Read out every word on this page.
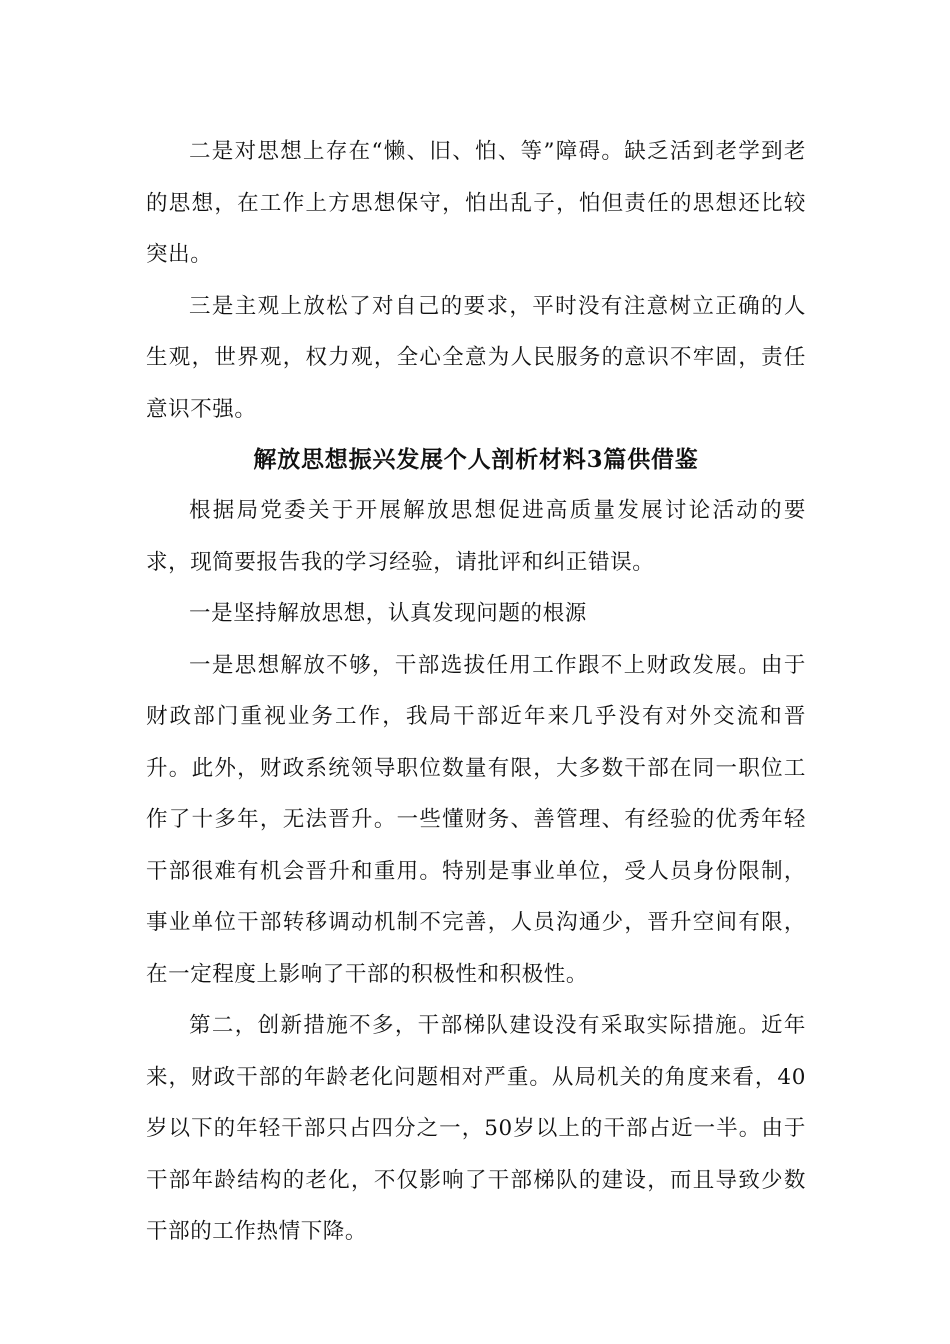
二是对思想上存在“懒、旧、怕、等”障碍。缺乏活到老学到老的思想，在工作上方思想保守，怕出乱子，怕但责任的思想还比较突出。

三是主观上放松了对自己的要求，平时没有注意树立正确的人生观，世界观，权力观，全心全意为人民服务的意识不牢固，责任意识不强。

解放思想振兴发展个人剖析材料3篇供借鉴

根据局党委关于开展解放思想促进高质量发展讨论活动的要求，现简要报告我的学习经验，请批评和纠正错误。

一是坚持解放思想，认真发现问题的根源

一是思想解放不够，干部选拔任用工作跟不上财政发展。由于财政部门重视业务工作，我局干部近年来几乎没有对外交流和晋升。此外，财政系统领导职位数量有限，大多数干部在同一职位工作了十多年，无法晋升。一些懂财务、善管理、有经验的优秀年轻干部很难有机会晋升和重用。特别是事业单位，受人员身份限制，事业单位干部转移调动机制不完善，人员沟通少，晋升空间有限，在一定程度上影响了干部的积极性和积极性。

第二，创新措施不多，干部梯队建设没有采取实际措施。近年来，财政干部的年龄老化问题相对严重。从局机关的角度来看，40岁以下的年轻干部只占四分之一，50岁以上的干部占近一半。由于干部年龄结构的老化，不仅影响了干部梯队的建设，而且导致少数干部的工作热情下降。
